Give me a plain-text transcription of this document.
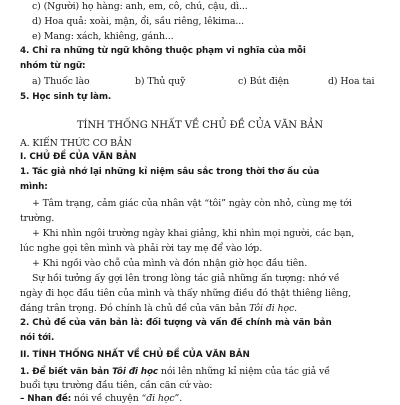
c) (Người) họ hàng: anh, em, cô, chú, cậu, dì...
d) Hoa quả: xoài, mận, ổi, sầu riêng, lêkima...
e) Mang: xách, khiêng, gánh...
4. Chỉ ra những từ ngữ không thuộc phạm vi nghĩa của mỗi
nhóm từ ngữ:
a) Thuốc lào	b) Thủ quỹ	c) Bút điện	d) Hoa tai
5. Học sinh tự làm.
TÍNH THỐNG NHẤT VỀ CHỦ ĐỀ CỦA VĂN BẢN
A. KIẾN THỨC CƠ BẢN
I. CHỦ ĐỀ CỦA VĂN BẢN
1. Tác giả nhớ lại những kỉ niệm sâu sắc trong thời thơ ấu của
mình:
+ Tâm trạng, cảm giác của nhân vật “tôi” ngày còn nhỏ, cùng mẹ tới
trường.
+ Khi nhìn ngôi trường ngày khai giảng, khi nhìn mọi người, các bạn,
lúc nghe gọi tên mình và phải rời tay mẹ để vào lớp.
+ Khi ngồi vào chỗ của mình và đón nhận giờ học đầu tiên.
Sự hồi tưởng ấy gợi lên trong lòng tác giả những ấn tượng: nhớ về
ngày đi học đầu tiên của mình và thấy những điều đó thật thiêng liêng,
đáng trân trọng. Đó chính là chủ đề của văn bản Tôi đi học.
2. Chủ đề của văn bản là: đối tượng và vấn đề chính mà văn bản
nói tới.
II. TÍNH THỐNG NHẤT VỀ CHỦ ĐỀ CỦA VĂN BẢN
1. Để biết văn bản Tôi đi học nói lên những kỉ niệm của tác giả về
buổi tựu trường đầu tiên, cần căn cứ vào:
– Nhan đề: nói về chuyện “đi học”.
